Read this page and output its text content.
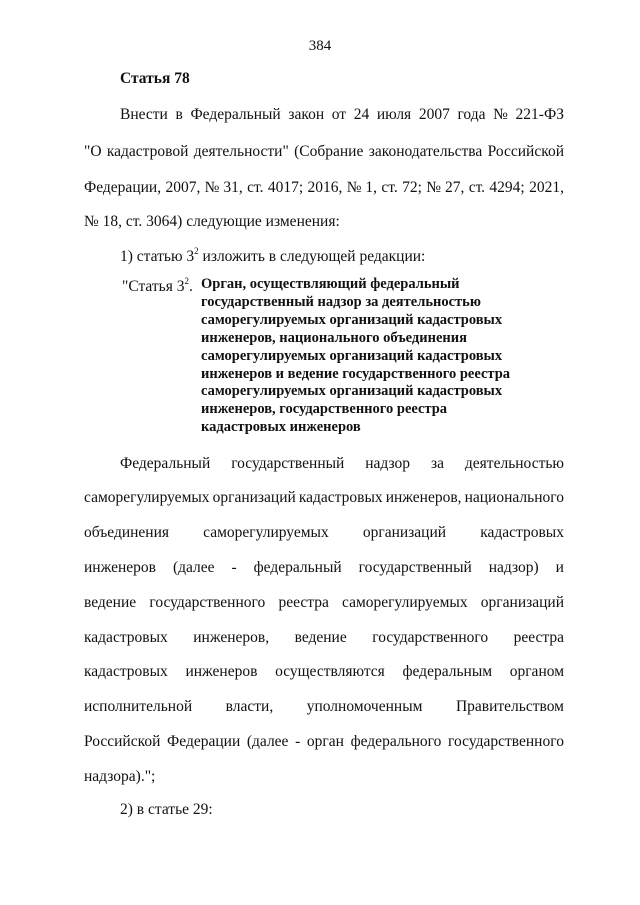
384
Статья 78
Внести в Федеральный закон от 24 июля 2007 года № 221-ФЗ
"О кадастровой деятельности" (Собрание законодательства Российской
Федерации, 2007, № 31, ст. 4017; 2016, № 1, ст. 72; № 27, ст. 4294; 2021,
№ 18, ст. 3064) следующие изменения:
1) статью $3^2$ изложить в следующей редакции:
"Статья $3^2$. Орган, осуществляющий федеральный
государственный надзор за деятельностью
саморегулируемых организаций кадастровых
инженеров, национального объединения
саморегулируемых организаций кадастровых
инженеров и ведение государственного реестра
саморегулируемых организаций кадастровых
инженеров, государственного реестра
кадастровых инженеров
Федеральный государственный надзор за деятельностью
саморегулируемых организаций кадастровых инженеров, национального
объединения саморегулируемых организаций кадастровых
инженеров (далее - федеральный государственный надзор) и
ведение государственного реестра саморегулируемых организаций
кадастровых инженеров, ведение государственного реестра
кадастровых инженеров осуществляются федеральным органом
исполнительной власти, уполномоченным Правительством
Российской Федерации (далее - орган федерального государственного
надзора).";
2) в статье 29:
